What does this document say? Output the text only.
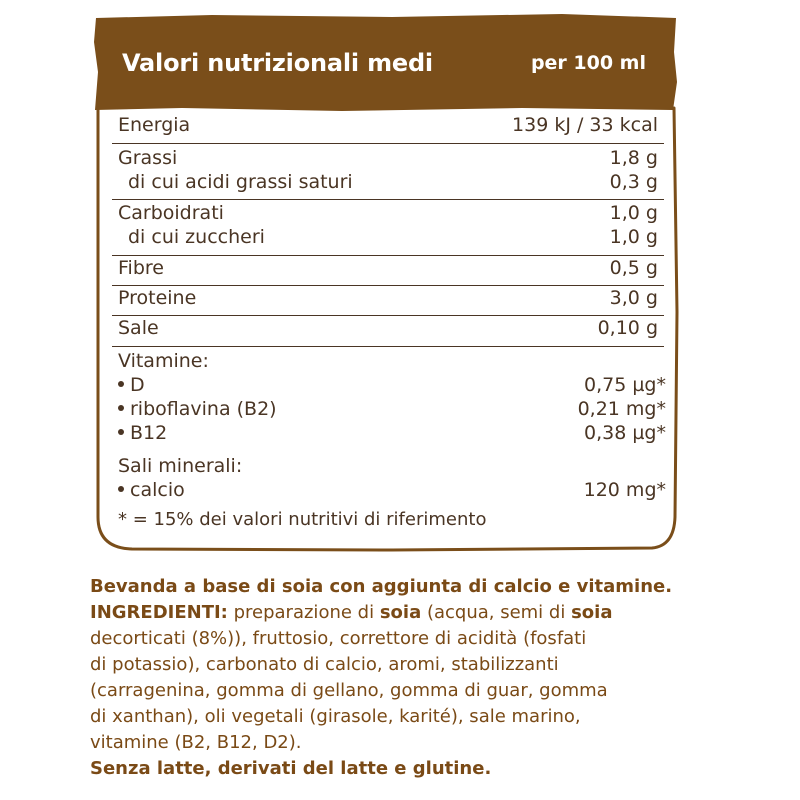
Valori nutrizionali medi	per 100 ml
Energia	139 kJ / 33 kcal
Grassi	1,8 g
di cui acidi grassi saturi	0,3 g
Carboidrati	1,0 g
di cui zuccheri	1,0 g
Fibre	0,5 g
Proteine	3,0 g
Sale	0,10 g
Vitamine:
D	0,75 µg*
riboflavina (B2)	0,21 mg*
B12	0,38 µg*
Sali minerali:
calcio	120 mg*
* = 15% dei valori nutritivi di riferimento
Bevanda a base di soia con aggiunta di calcio e vitamine.
INGREDIENTI: preparazione di soia (acqua, semi di soia
decorticati (8%)), fruttosio, correttore di acidità (fosfati
di potassio), carbonato di calcio, aromi, stabilizzanti
(carragenina, gomma di gellano, gomma di guar, gomma
di xanthan), oli vegetali (girasole, karité), sale marino,
vitamine (B2, B12, D2).
Senza latte, derivati del latte e glutine.
